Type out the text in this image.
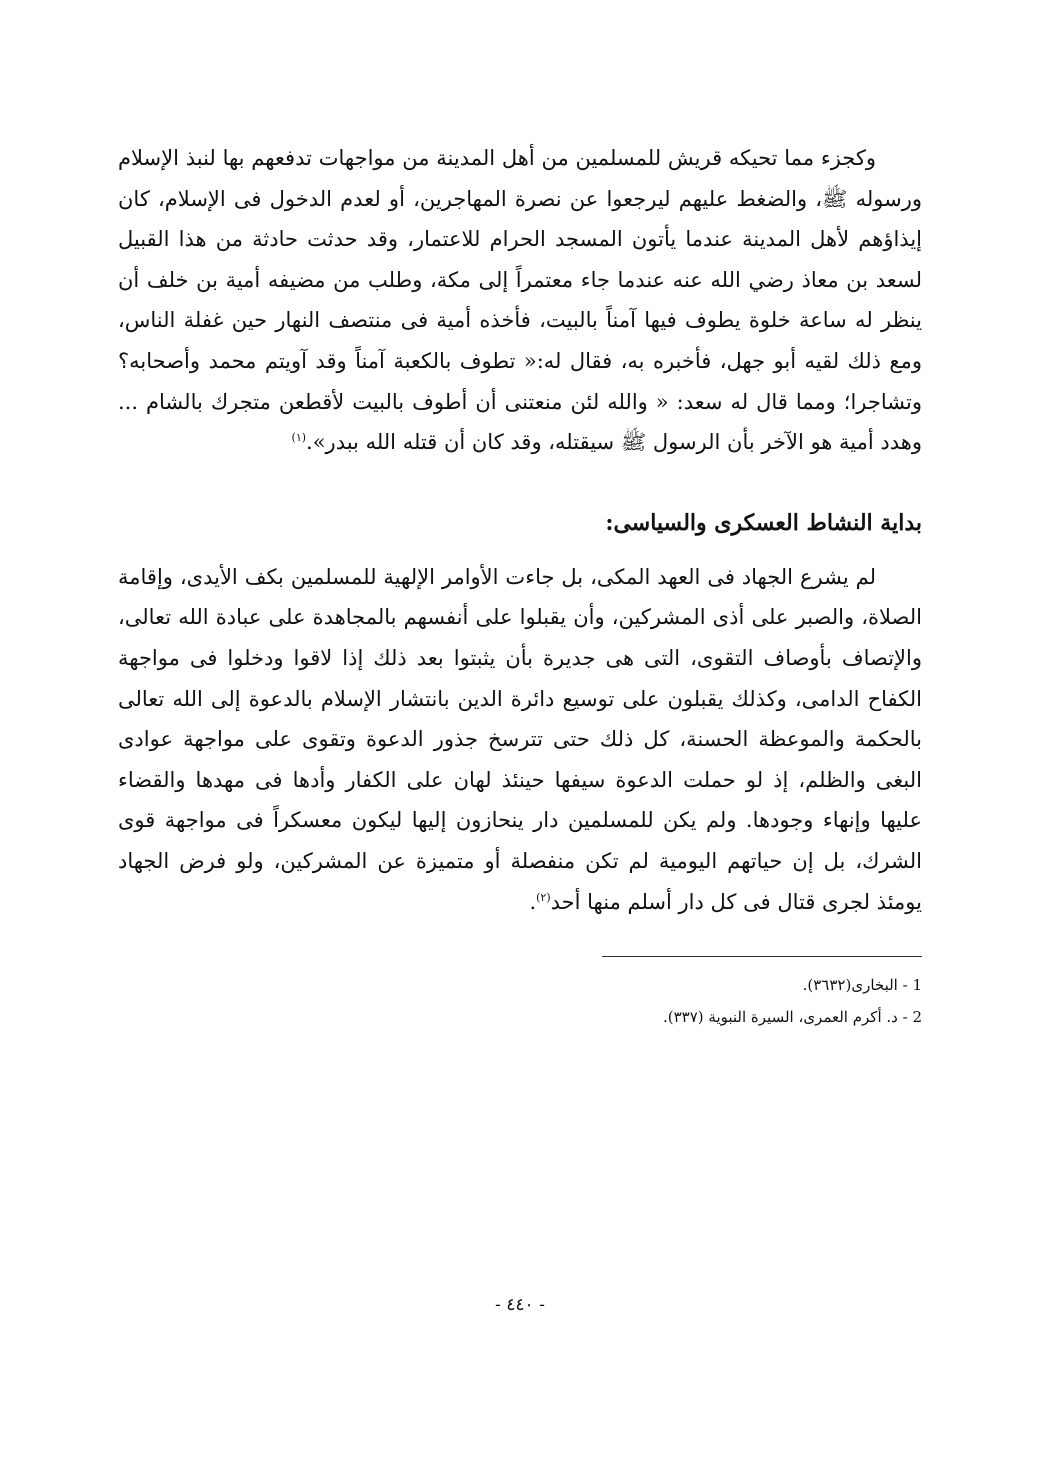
وكجزء مما تحيكه قريش للمسلمين من أهل المدينة من مواجهات تدفعهم بها لنبذ الإسلام ورسوله ﷺ، والضغط عليهم ليرجعوا عن نصرة المهاجرين، أو لعدم الدخول فى الإسلام، كان إيذاؤهم لأهل المدينة عندما يأتون المسجد الحرام للاعتمار، وقد حدثت حادثة من هذا القبيل لسعد بن معاذ رضي الله عنه عندما جاء معتمراً إلى مكة، وطلب من مضيفه أمية بن خلف أن ينظر له ساعة خلوة يطوف فيها آمناً بالبيت، فأخذه أمية فى منتصف النهار حين غفلة الناس، ومع ذلك لقيه أبو جهل، فأخبره به، فقال له:« تطوف بالكعبة آمناً وقد آويتم محمد وأصحابه؟ وتشاجرا؛ ومما قال له سعد: « والله لئن منعتنى أن أطوف بالبيت لأقطعن متجرك بالشام ... وهدد أمية هو الآخر بأن الرسول ﷺ سيقتله، وقد كان أن قتله الله ببدر».$^{(١)}$

بداية النشاط العسكرى والسياسى:

لم يشرع الجهاد فى العهد المكى، بل جاءت الأوامر الإلهية للمسلمين بكف الأيدى، وإقامة الصلاة، والصبر على أذى المشركين، وأن يقبلوا على أنفسهم بالمجاهدة على عبادة الله تعالى، والإتصاف بأوصاف التقوى، التى هى جديرة بأن يثبتوا بعد ذلك إذا لاقوا ودخلوا فى مواجهة الكفاح الدامى، وكذلك يقبلون على توسيع دائرة الدين بانتشار الإسلام بالدعوة إلى الله تعالى بالحكمة والموعظة الحسنة، كل ذلك حتى تترسخ جذور الدعوة وتقوى على مواجهة عوادى البغى والظلم، إذ لو حملت الدعوة سيفها حينئذ لهان على الكفار وأدها فى مهدها والقضاء عليها وإنهاء وجودها. ولم يكن للمسلمين دار ينحازون إليها ليكون معسكراً فى مواجهة قوى الشرك، بل إن حياتهم اليومية لم تكن منفصلة أو متميزة عن المشركين، ولو فرض الجهاد يومئذ لجرى قتال فى كل دار أسلم منها أحد$^{(٢)}$.

1 - البخارى(٣٦٣٢).
2 - د. أكرم العمرى، السيرة النبوية (٣٣٧).
- ٤٤٠ -
